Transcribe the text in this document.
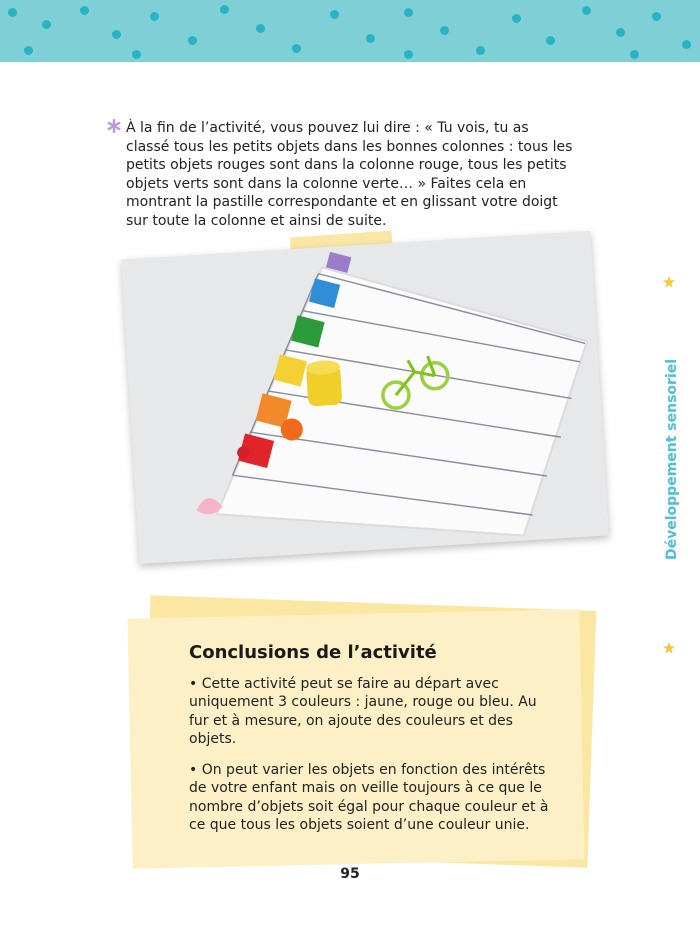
À la fin de l’activité, vous pouvez lui dire : « Tu vois, tu as classé tous les petits objets dans les bonnes colonnes : tous les petits objets rouges sont dans la colonne rouge, tous les petits objets verts sont dans la colonne verte… » Faites cela en montrant la pastille correspondante et en glissant votre doigt sur toute la colonne et ainsi de suite.
Développement sensoriel
Conclusions de l’activité

• Cette activité peut se faire au départ avec uniquement 3 couleurs : jaune, rouge ou bleu. Au fur et à mesure, on ajoute des couleurs et des objets.

• On peut varier les objets en fonction des intérêts de votre enfant mais on veille toujours à ce que le nombre d’objets soit égal pour chaque couleur et à ce que tous les objets soient d’une couleur unie.

95
